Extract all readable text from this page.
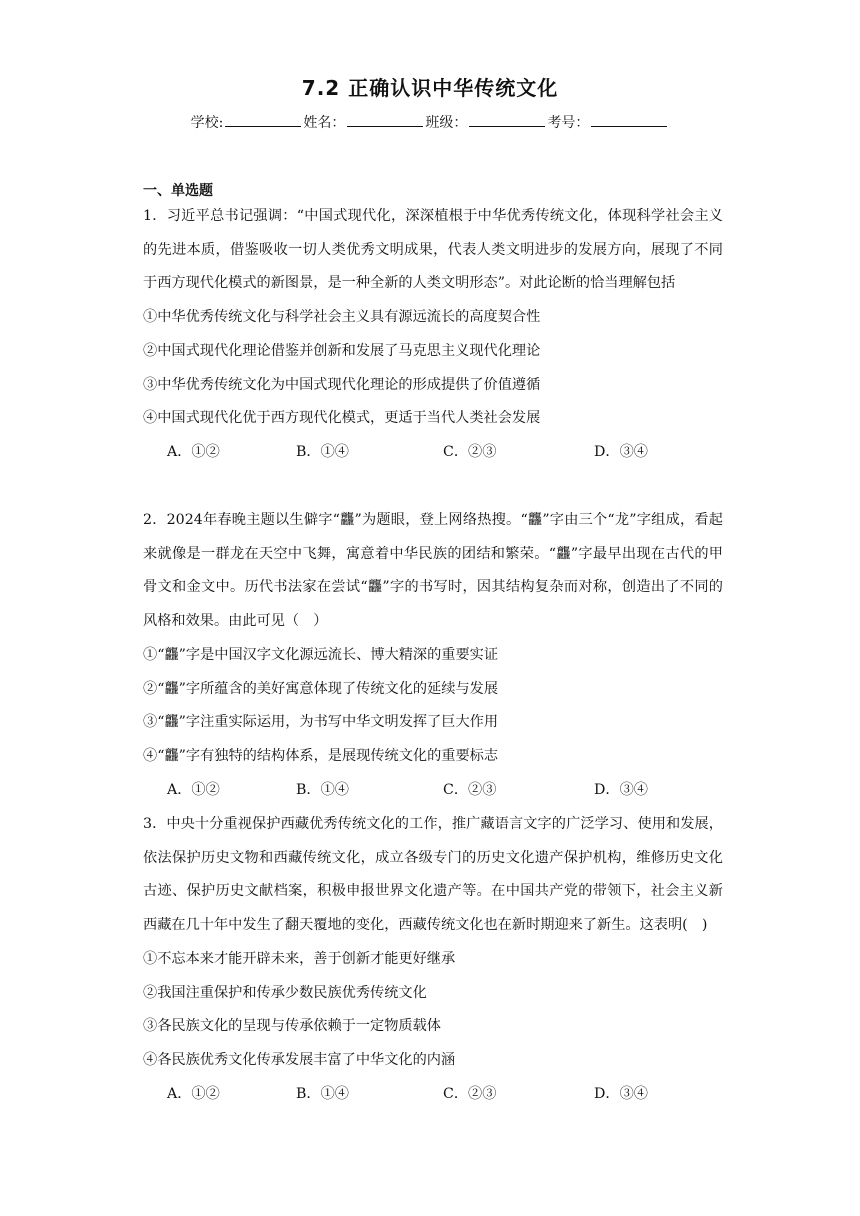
7.2 正确认识中华传统文化
学校:	姓名：	班级：	考号：
一、单选题
1．习近平总书记强调：“中国式现代化，深深植根于中华优秀传统文化，体现科学社会主义的先进本质，借鉴吸收一切人类优秀文明成果，代表人类文明进步的发展方向，展现了不同于西方现代化模式的新图景，是一种全新的人类文明形态”。对此论断的恰当理解包括
①中华优秀传统文化与科学社会主义具有源远流长的高度契合性
②中国式现代化理论借鉴并创新和发展了马克思主义现代化理论
③中华优秀传统文化为中国式现代化理论的形成提供了价值遵循
④中国式现代化优于西方现代化模式，更适于当代人类社会发展
A．①②	B．①④	C．②③	D．③④
2．2024年春晚主题以生僻字“龘”为题眼，登上网络热搜。“龘”字由三个“龙”字组成，看起来就像是一群龙在天空中飞舞，寓意着中华民族的团结和繁荣。“龘”字最早出现在古代的甲骨文和金文中。历代书法家在尝试“龘”字的书写时，因其结构复杂而对称，创造出了不同的风格和效果。由此可见（　）
①“龘”字是中国汉字文化源远流长、博大精深的重要实证
②“龘”字所蕴含的美好寓意体现了传统文化的延续与发展
③“龘”字注重实际运用，为书写中华文明发挥了巨大作用
④“龘”字有独特的结构体系，是展现传统文化的重要标志
A．①②	B．①④	C．②③	D．③④
3．中央十分重视保护西藏优秀传统文化的工作，推广藏语言文字的广泛学习、使用和发展，依法保护历史文物和西藏传统文化，成立各级专门的历史文化遗产保护机构，维修历史文化古迹、保护历史文献档案，积极申报世界文化遗产等。在中国共产党的带领下，社会主义新西藏在几十年中发生了翻天覆地的变化，西藏传统文化也在新时期迎来了新生。这表明(　)
①不忘本来才能开辟未来，善于创新才能更好继承
②我国注重保护和传承少数民族优秀传统文化
③各民族文化的呈现与传承依赖于一定物质载体
④各民族优秀文化传承发展丰富了中华文化的内涵
A．①②	B．①④	C．②③	D．③④
